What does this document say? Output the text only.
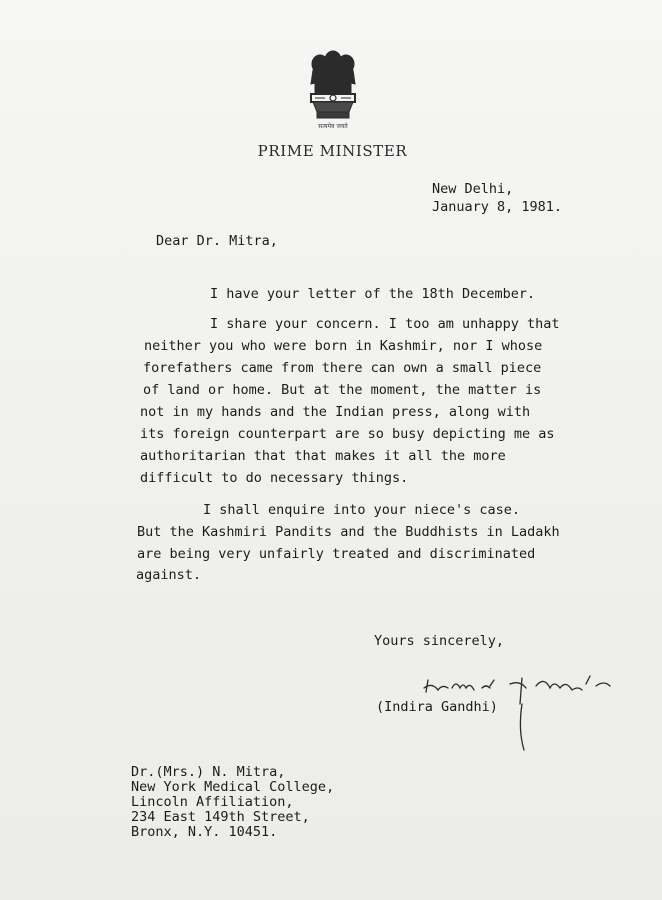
सत्यमेव जयते
PRIME MINISTER
New Delhi,
January 8, 1981.
Dear Dr. Mitra,
I have your letter of the 18th December.
I share your concern. I too am unhappy that
neither you who were born in Kashmir, nor I whose
forefathers came from there can own a small piece
of land or home. But at the moment, the matter is
not in my hands and the Indian press, along with
its foreign counterpart are so busy depicting me as
authoritarian that that makes it all the more
difficult to do necessary things.
I shall enquire into your niece's case.
But the Kashmiri Pandits and the Buddhists in Ladakh
are being very unfairly treated and discriminated
against.
Yours sincerely,
(Indira Gandhi)
Dr.(Mrs.) N. Mitra,
New York Medical College,
Lincoln Affiliation,
234 East 149th Street,
Bronx, N.Y. 10451.
